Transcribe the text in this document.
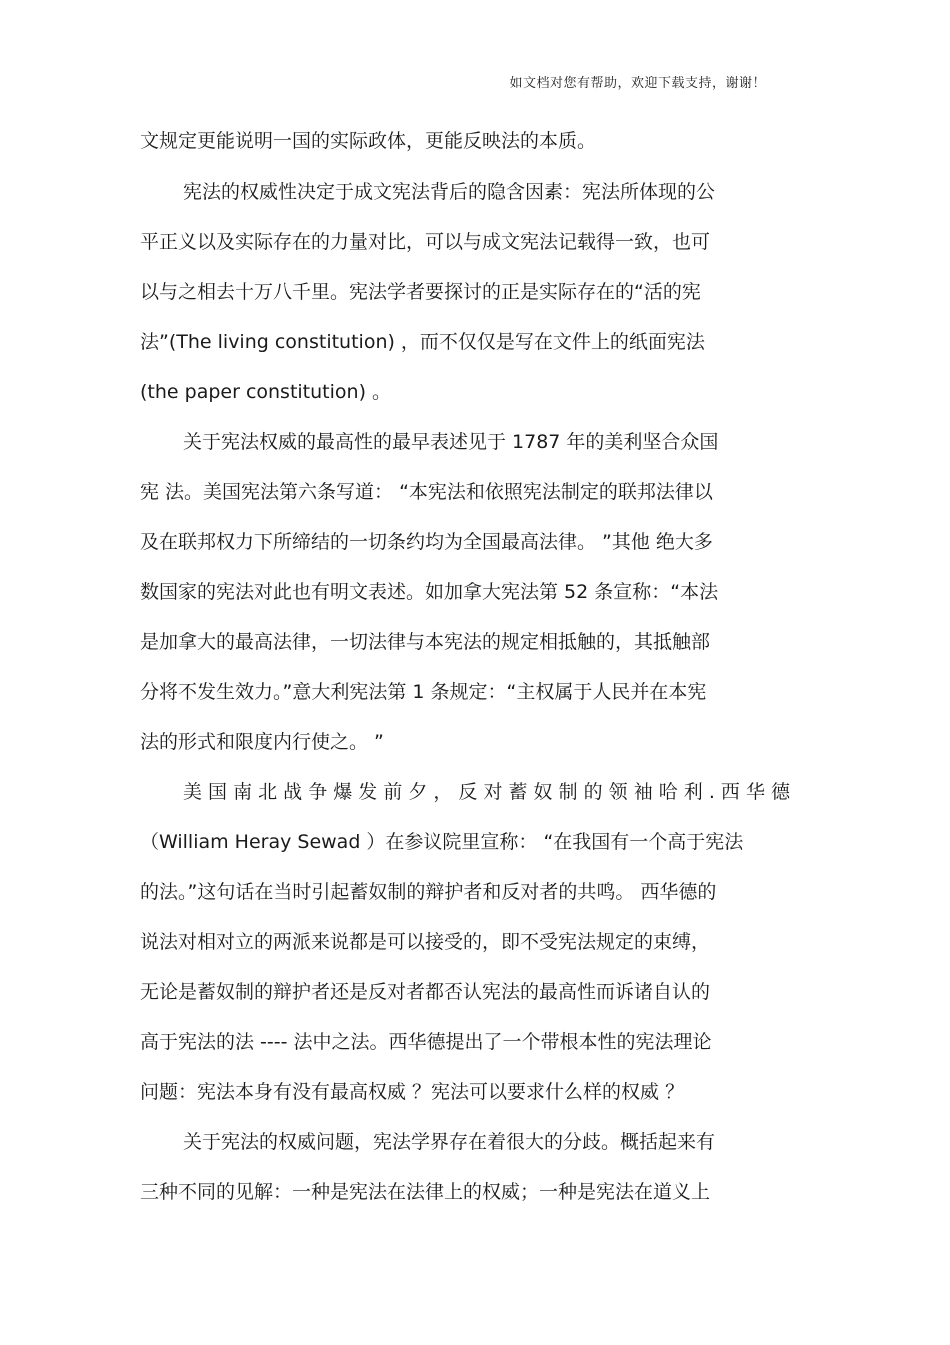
如文档对您有帮助，欢迎下载支持，谢谢！
文规定更能说明一国的实际政体，更能反映法的本质。
宪法的权威性决定于成文宪法背后的隐含因素：宪法所体现的公
平正义以及实际存在的力量对比，可以与成文宪法记载得一致，也可
以与之相去十万八千里。宪法学者要探讨的正是实际存在的“活的宪
法”(The living constitution) ，而不仅仅是写在文件上的纸面宪法
(the paper constitution) 。
关于宪法权威的最高性的最早表述见于 1787 年的美利坚合众国
宪 法。美国宪法第六条写道： “本宪法和依照宪法制定的联邦法律以
及在联邦权力下所缔结的一切条约均为全国最高法律。 ”其他 绝大多
数国家的宪法对此也有明文表述。如加拿大宪法第 52 条宣称：“本法
是加拿大的最高法律，一切法律与本宪法的规定相抵触的，其抵触部
分将不发生效力。”意大利宪法第 1 条规定：“主权属于人民并在本宪
法的形式和限度内行使之。 ”
美 国 南 北 战 争 爆 发 前 夕 ， 反 对 蓄 奴 制 的 领 袖 哈 利 . 西 华 德
（William Heray Sewad ）在参议院里宣称： “在我国有一个高于宪法
的法。”这句话在当时引起蓄奴制的辩护者和反对者的共鸣。 西华德的
说法对相对立的两派来说都是可以接受的，即不受宪法规定的束缚，
无论是蓄奴制的辩护者还是反对者都否认宪法的最高性而诉诸自认的
高于宪法的法 ---- 法中之法。西华德提出了一个带根本性的宪法理论
问题：宪法本身有没有最高权威 ？宪法可以要求什么样的权威 ？
关于宪法的权威问题，宪法学界存在着很大的分歧。概括起来有
三种不同的见解：一种是宪法在法律上的权威；一种是宪法在道义上
